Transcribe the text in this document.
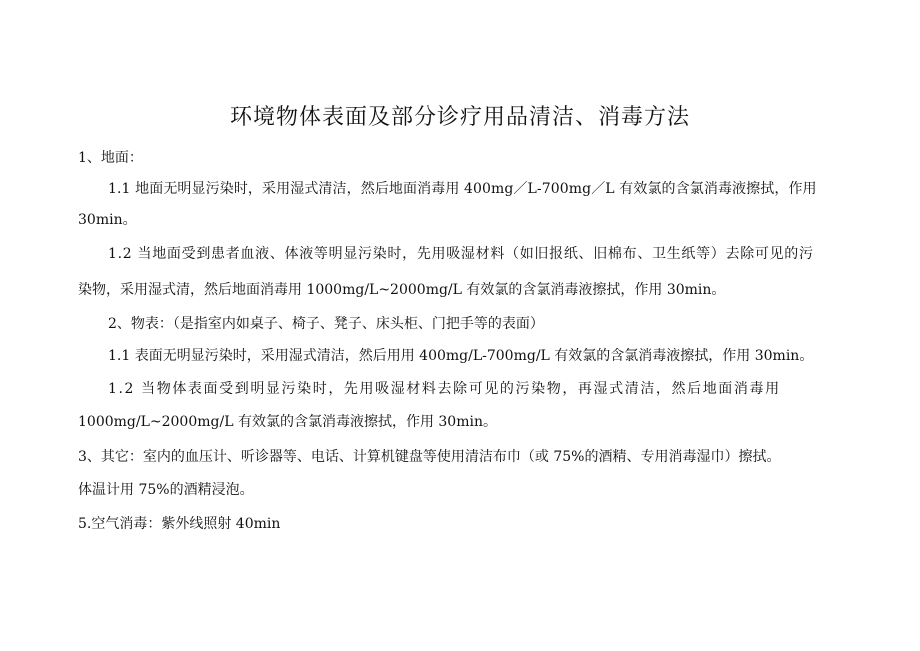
环境物体表面及部分诊疗用品清洁、消毒方法
1、地面：
1.1 地面无明显污染时，采用湿式清洁，然后地面消毒用 400mg／L-700mg／L 有效氯的含氯消毒液擦拭，作用
30min。
1.2 当地面受到患者血液、体液等明显污染时，先用吸湿材料（如旧报纸、旧棉布、卫生纸等）去除可见的污
染物，采用湿式清，然后地面消毒用 1000mg/L~2000mg/L 有效氯的含氯消毒液擦拭，作用 30min。
2、物表：（是指室内如桌子、椅子、凳子、床头柜、门把手等的表面）
1.1 表面无明显污染时，采用湿式清洁，然后用用 400mg/L-700mg/L 有效氯的含氯消毒液擦拭，作用 30min。
1.2 当物体表面受到明显污染时，先用吸湿材料去除可见的污染物，再湿式清洁，然后地面消毒用
1000mg/L~2000mg/L 有效氯的含氯消毒液擦拭，作用 30min。
3、其它：室内的血压计、听诊器等、电话、计算机键盘等使用清洁布巾（或 75%的酒精、专用消毒湿巾）擦拭。
体温计用 75%的酒精浸泡。
5.空气消毒：紫外线照射 40min
